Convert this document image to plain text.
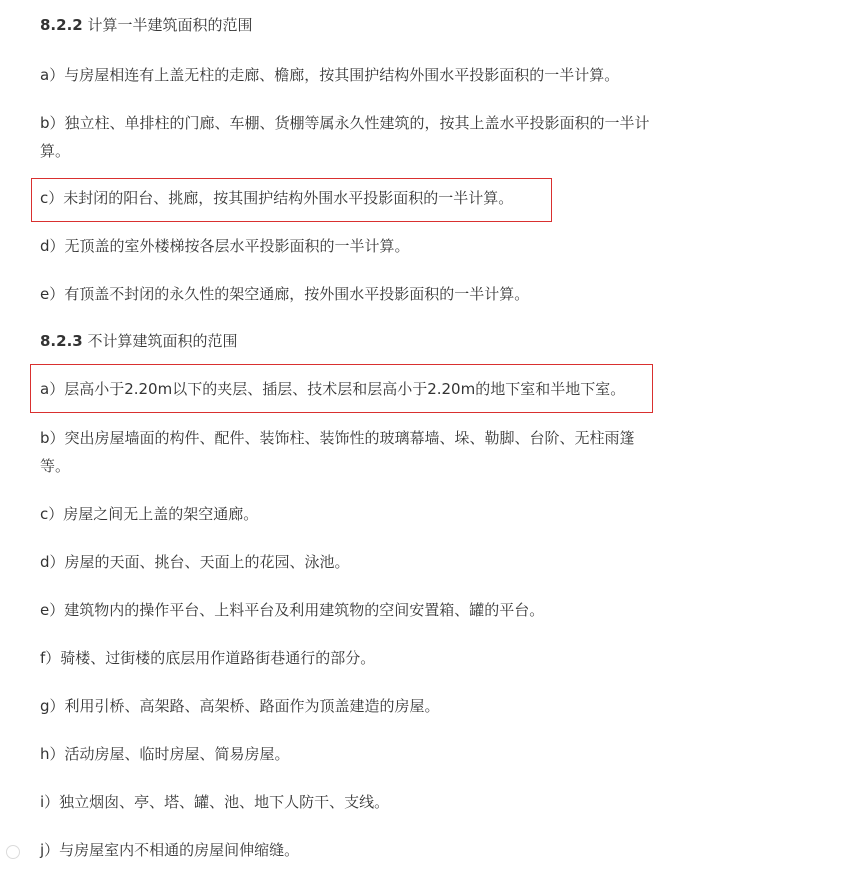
8.2.2 计算一半建筑面积的范围
a）与房屋相连有上盖无柱的走廊、檐廊，按其围护结构外围水平投影面积的一半计算。
b）独立柱、单排柱的门廊、车棚、货棚等属永久性建筑的，按其上盖水平投影面积的一半计
算。
c）未封闭的阳台、挑廊，按其围护结构外围水平投影面积的一半计算。
d）无顶盖的室外楼梯按各层水平投影面积的一半计算。
e）有顶盖不封闭的永久性的架空通廊，按外围水平投影面积的一半计算。
8.2.3 不计算建筑面积的范围
a）层高小于2.20m以下的夹层、插层、技术层和层高小于2.20m的地下室和半地下室。
b）突出房屋墙面的构件、配件、装饰柱、装饰性的玻璃幕墙、垛、勒脚、台阶、无柱雨篷
等。
c）房屋之间无上盖的架空通廊。
d）房屋的天面、挑台、天面上的花园、泳池。
e）建筑物内的操作平台、上料平台及利用建筑物的空间安置箱、罐的平台。
f）骑楼、过街楼的底层用作道路街巷通行的部分。
g）利用引桥、高架路、高架桥、路面作为顶盖建造的房屋。
h）活动房屋、临时房屋、简易房屋。
i）独立烟囱、亭、塔、罐、池、地下人防干、支线。
j）与房屋室内不相通的房屋间伸缩缝。
